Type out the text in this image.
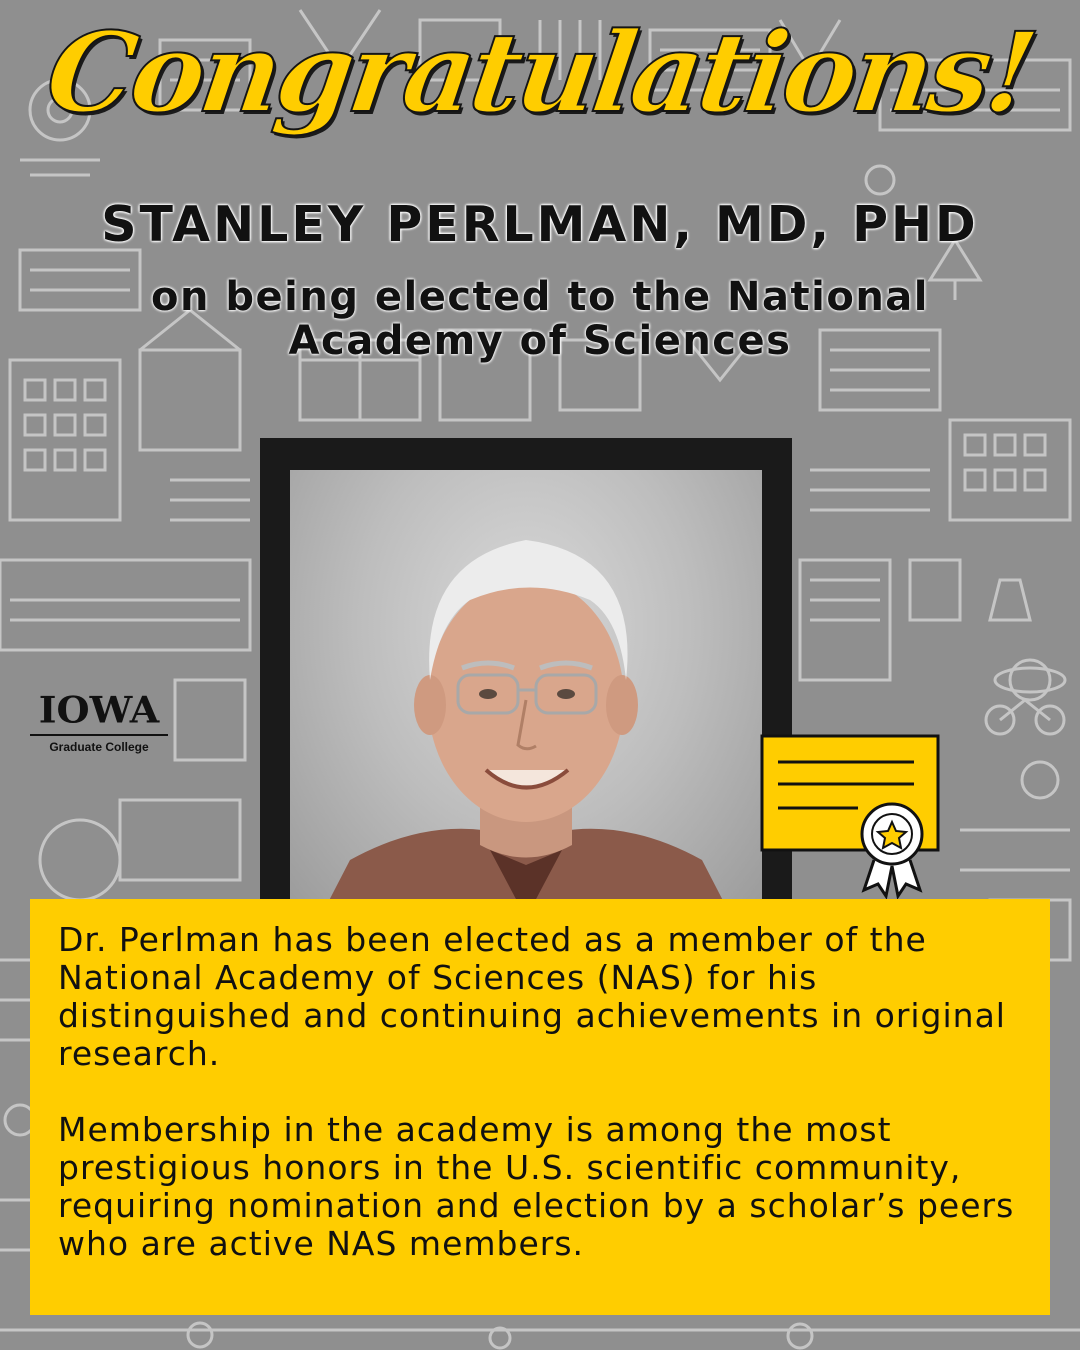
Congratulations!
STANLEY PERLMAN, MD, PHD
on being elected to the National Academy of Sciences
IOWA
Graduate College

Dr. Perlman has been elected as a member of the National Academy of Sciences (NAS) for his distinguished and continuing achievements in original research.

Membership in the academy is among the most prestigious honors in the U.S. scientific community, requiring nomination and election by a scholar’s peers who are active NAS members.
